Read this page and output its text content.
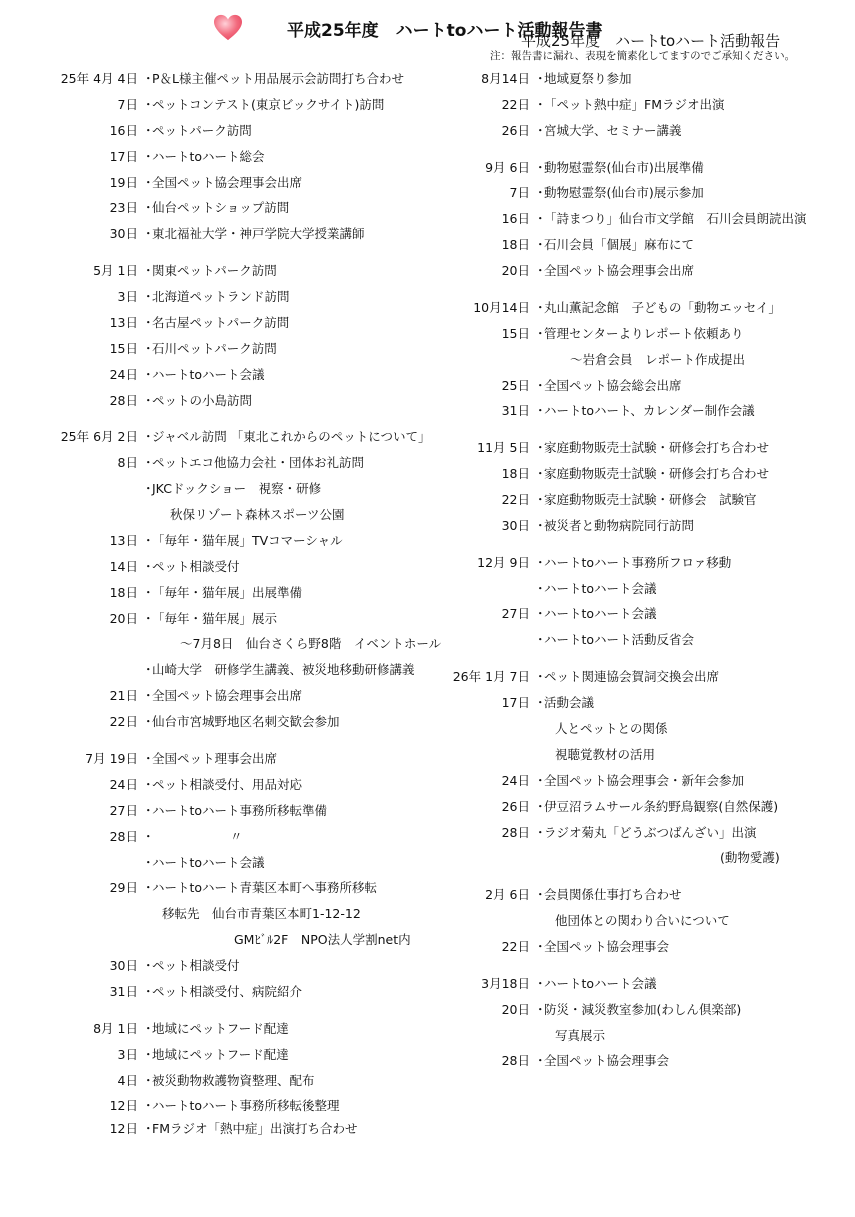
平成25年度　ハートtoハート活動報告書
平成25年度　ハートtoハート活動報告
注：報告書に漏れ、表現を簡素化してますのでご承知ください。
25年 4月 4日 ・
P＆L様主催ペット用品展示会訪問打ち合わせ
7日 ・
ペットコンテスト(東京ビックサイト)訪問
16日 ・
ペットパーク訪問
17日 ・
ハートtoハート総会
19日 ・
全国ペット協会理事会出席
23日 ・
仙台ペットショップ訪問
30日 ・
東北福祉大学・神戸学院大学授業講師
5月 1日 ・
関東ペットパーク訪問
3日 ・
北海道ペットランド訪問
13日 ・
名古屋ペットパーク訪問
15日 ・
石川ペットパーク訪問
24日 ・
ハートtoハート会議
28日 ・
ペットの小島訪問
25年 6月 2日 ・
ジャベル訪問 「東北これからのペットについて」
8日 ・
ペットエコ他協力会社・団体お礼訪問
・
JKCドックショー　視察・研修
秋保リゾート森林スポーツ公園
13日 ・
「毎年・猫年展」TVコマーシャル
14日 ・
ペット相談受付
18日 ・
「毎年・猫年展」出展準備
20日 ・
「毎年・猫年展」展示
～7月8日　仙台さくら野8階　イベントホール
・
山崎大学　研修学生講義、被災地移動研修講義
21日 ・
全国ペット協会理事会出席
22日 ・
仙台市宮城野地区名刺交歓会参加
7月 19日 ・
全国ペット理事会出席
24日 ・
ペット相談受付、用品対応
27日 ・
ハートtoハート事務所移転準備
28日 ・	〃
・
ハートtoハート会議
29日 ・
ハートtoハート青葉区本町へ事務所移転
移転先　仙台市青葉区本町1-12-12
GMﾋﾞﾙ2F　NPO法人学割net内
30日 ・
ペット相談受付
31日 ・
ペット相談受付、病院紹介
8月 1日 ・
地域にペットフード配達
3日 ・
地域にペットフード配達
4日 ・
被災動物救護物資整理、配布
12日 ・
ハートtoハート事務所移転後整理
12日 ・
FMラジオ「熱中症」出演打ち合わせ
8月14日 ・
地域夏祭り参加
22日 ・
「ペット熱中症」FMラジオ出演
26日 ・
宮城大学、セミナー講義
9月 6日 ・
動物慰霊祭(仙台市)出展準備
7日 ・
動物慰霊祭(仙台市)展示参加
16日 ・
「詩まつり」仙台市文学館　石川会員朗読出演
18日 ・
石川会員「個展」麻布にて
20日 ・
全国ペット協会理事会出席
10月14日 ・
丸山薫記念館　子どもの「動物エッセイ」
15日 ・
管理センターよりレポート依頼あり
～岩倉会員　レポート作成提出
25日 ・
全国ペット協会総会出席
31日 ・
ハートtoハート、カレンダー制作会議
11月 5日 ・
家庭動物販売士試験・研修会打ち合わせ
18日 ・
家庭動物販売士試験・研修会打ち合わせ
22日 ・
家庭動物販売士試験・研修会　試験官
30日 ・
被災者と動物病院同行訪問
12月 9日 ・
ハートtoハート事務所フロァ移動
・
ハートtoハート会議
27日 ・
ハートtoハート会議
・
ハートtoハート活動反省会
26年 1月 7日 ・
ペット関連協会賀詞交換会出席
17日 ・
活動会議
人とペットとの関係
視聴覚教材の活用
24日 ・
全国ペット協会理事会・新年会参加
26日 ・
伊豆沼ラムサール条約野鳥観察(自然保護)
28日 ・
ラジオ菊丸「どうぶつばんざい」出演
(動物愛護)
2月 6日 ・
会員関係仕事打ち合わせ
他団体との関わり合いについて
22日 ・
全国ペット協会理事会
3月18日 ・
ハートtoハート会議
20日 ・
防災・減災教室参加(わしん倶楽部)
写真展示
28日 ・
全国ペット協会理事会
